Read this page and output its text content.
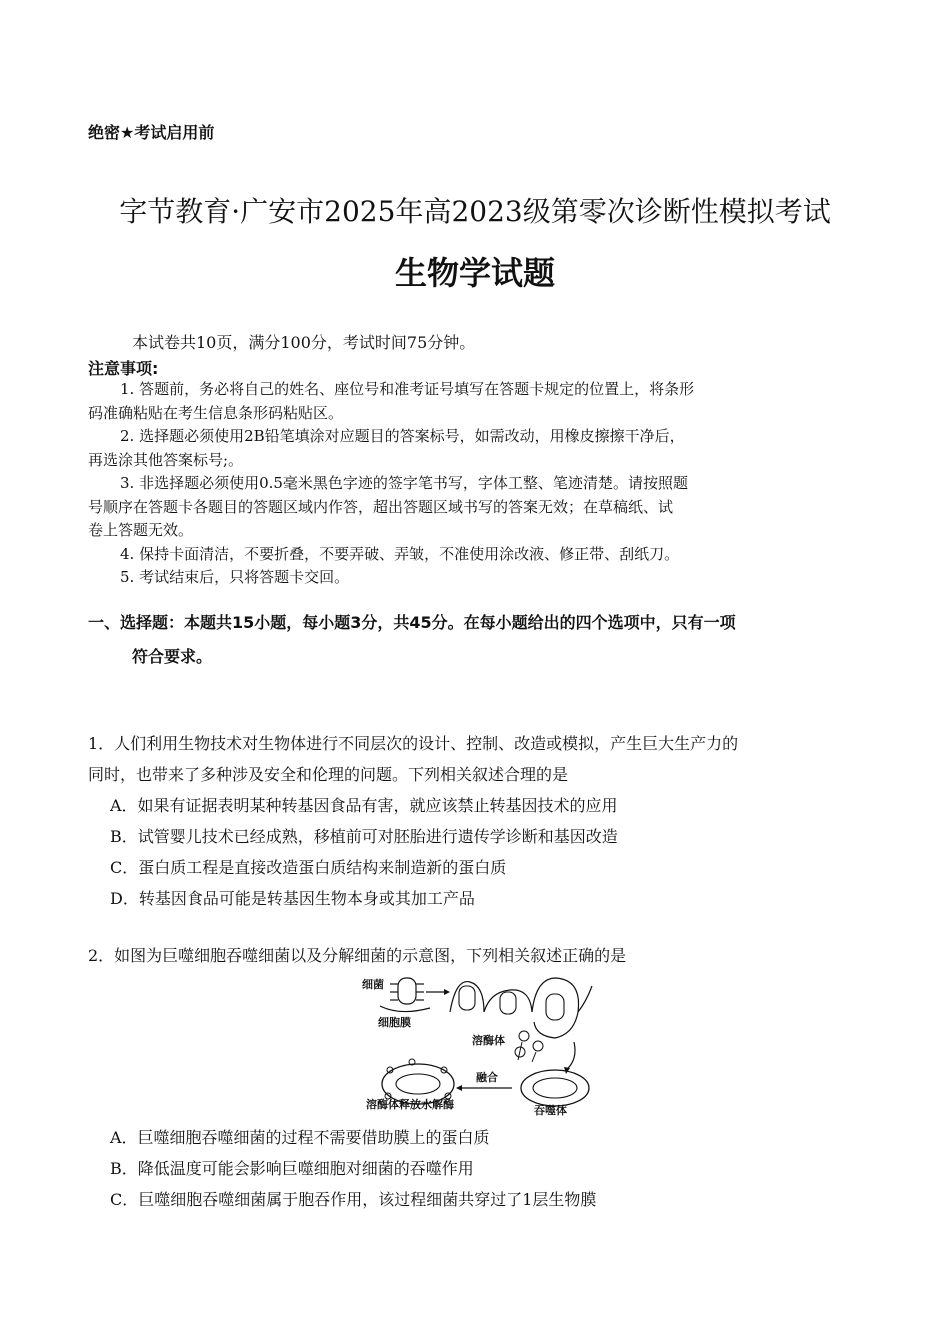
绝密★考试启用前
字节教育·广安市2025年高2023级第零次诊断性模拟考试
生物学试题
本试卷共10页，满分100分，考试时间75分钟。
注意事项:
1. 答题前，务必将自己的姓名、座位号和准考证号填写在答题卡规定的位置上，将条形
码准确粘贴在考生信息条形码粘贴区。
2. 选择题必须使用2B铅笔填涂对应题目的答案标号，如需改动，用橡皮擦擦干净后，
再选涂其他答案标号;。
3. 非选择题必须使用0.5毫米黑色字迹的签字笔书写，字体工整、笔迹清楚。请按照题
号顺序在答题卡各题目的答题区域内作答，超出答题区域书写的答案无效；在草稿纸、试
卷上答题无效。
4. 保持卡面清洁，不要折叠，不要弄破、弄皱，不准使用涂改液、修正带、刮纸刀。
5. 考试结束后，只将答题卡交回。
一、选择题：本题共15小题，每小题3分，共45分。在每小题给出的四个选项中，只有一项
符合要求。
1．人们利用生物技术对生物体进行不同层次的设计、控制、改造或模拟，产生巨大生产力的
同时，也带来了多种涉及安全和伦理的问题。下列相关叙述合理的是
A．如果有证据表明某种转基因食品有害，就应该禁止转基因技术的应用
B．试管婴儿技术已经成熟，移植前可对胚胎进行遗传学诊断和基因改造
C．蛋白质工程是直接改造蛋白质结构来制造新的蛋白质
D．转基因食品可能是转基因生物本身或其加工产品
2．如图为巨噬细胞吞噬细菌以及分解细菌的示意图，下列相关叙述正确的是
细菌
细胞膜
溶酶体
融合
吞噬体
溶酶体释放水解酶
A．巨噬细胞吞噬细菌的过程不需要借助膜上的蛋白质
B．降低温度可能会影响巨噬细胞对细菌的吞噬作用
C．巨噬细胞吞噬细菌属于胞吞作用，该过程细菌共穿过了1层生物膜
